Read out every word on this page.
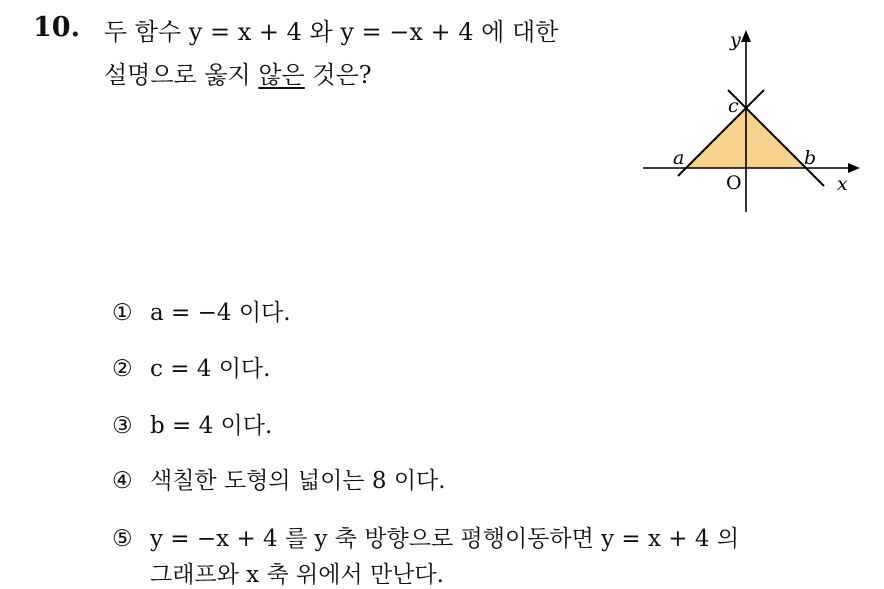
10. 두 함수 y = x + 4 와 y = −x + 4 에 대한
설명으로 옳지 않은 것은?
y
x
O
a	b
c
① a = −4 이다.
② c = 4 이다.
③ b = 4 이다.
④ 색칠한 도형의 넓이는 8 이다.
⑤ y = −x + 4 를 y 축 방향으로 평행이동하면 y = x + 4 의
그래프와 x 축 위에서 만난다.
